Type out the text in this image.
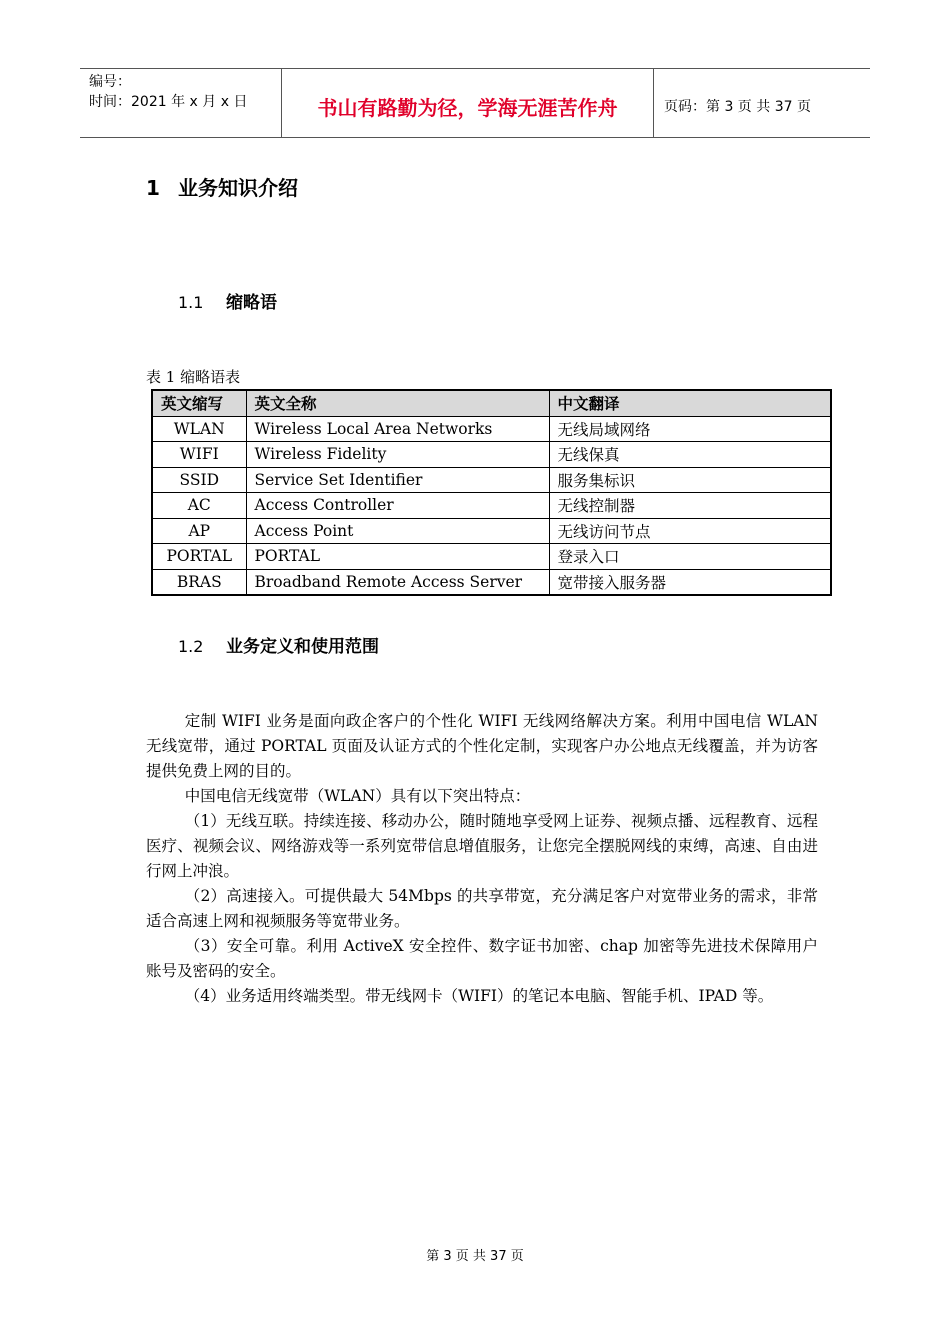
编号：
时间：2021 年 x 月 x 日	书山有路勤为径，学海无涯苦作舟	页码：第 3 页 共 37 页
1 业务知识介绍
1.1 缩略语
表 1 缩略语表
英文缩写	英文全称	中文翻译
WLAN	Wireless Local Area Networks	无线局域网络
WIFI	Wireless Fidelity	无线保真
SSID	Service Set Identifier	服务集标识
AC	Access Controller	无线控制器
AP	Access Point	无线访问节点
PORTAL	PORTAL	登录入口
BRAS	Broadband Remote Access Server	宽带接入服务器
1.2 业务定义和使用范围

定制 WIFI 业务是面向政企客户的个性化 WIFI 无线网络解决方案。利用中国电信 WLAN 无线宽带，通过 PORTAL 页面及认证方式的个性化定制，实现客户办公地点无线覆盖，并为访客提供免费上网的目的。

中国电信无线宽带（WLAN）具有以下突出特点：

（1）无线互联。持续连接、移动办公，随时随地享受网上证券、视频点播、远程教育、远程医疗、视频会议、网络游戏等一系列宽带信息增值服务，让您完全摆脱网线的束缚，高速、自由进行网上冲浪。

（2）高速接入。可提供最大 54Mbps 的共享带宽，充分满足客户对宽带业务的需求，非常适合高速上网和视频服务等宽带业务。

（3）安全可靠。利用 ActiveX 安全控件、数字证书加密、chap 加密等先进技术保障用户账号及密码的安全。

（4）业务适用终端类型。带无线网卡（WIFI）的笔记本电脑、智能手机、IPAD 等。

第 3 页 共 37 页
